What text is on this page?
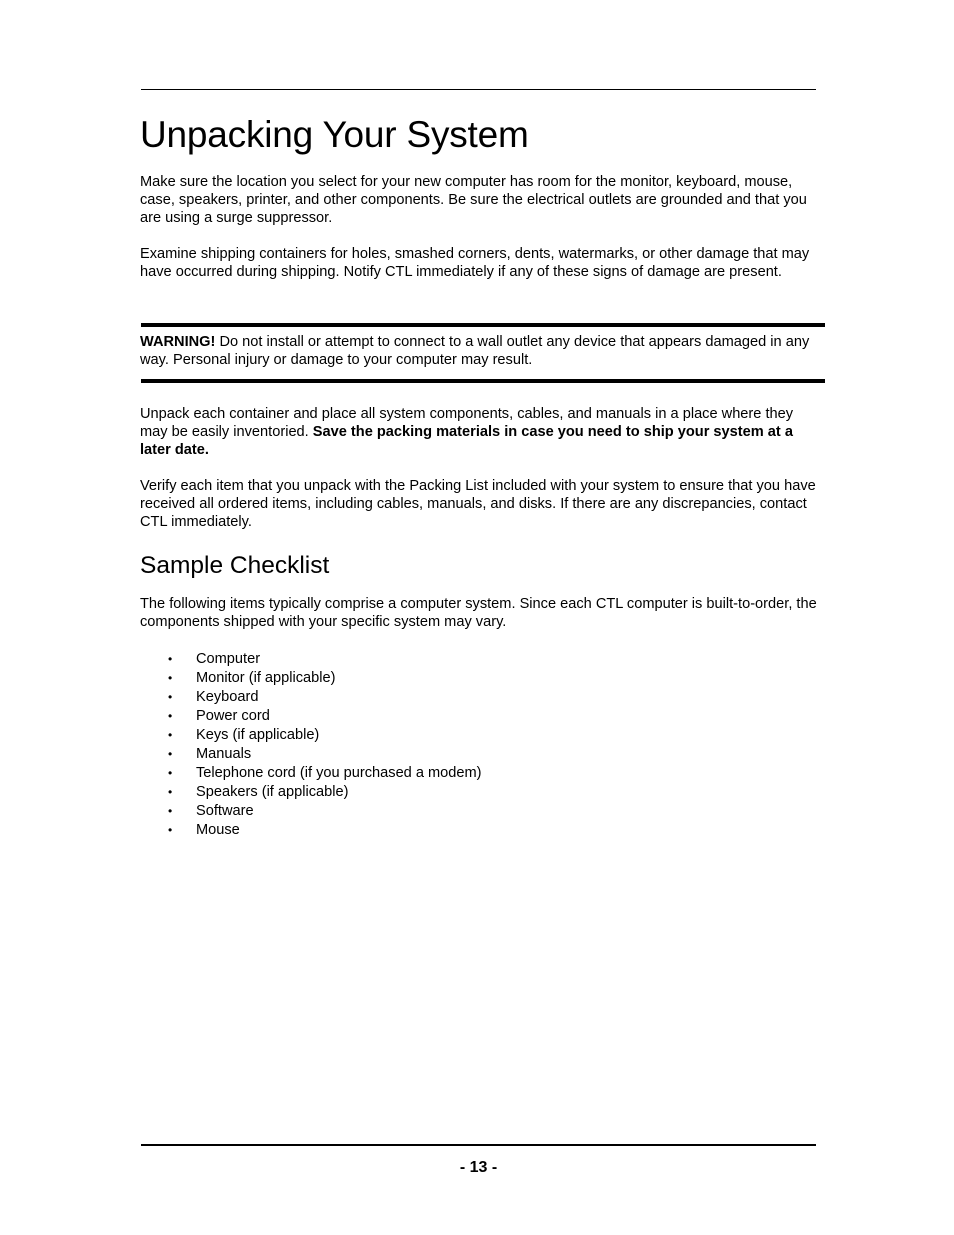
Unpacking Your System

Make sure the location you select for your new computer has room for the monitor, keyboard, mouse, case, speakers, printer, and other components. Be sure the electrical outlets are grounded and that you are using a surge suppressor.

Examine shipping containers for holes, smashed corners, dents, watermarks, or other damage that may have occurred during shipping. Notify CTL immediately if any of these signs of damage are present.

WARNING! Do not install or attempt to connect to a wall outlet any device that appears damaged in any way. Personal injury or damage to your computer may result.

Unpack each container and place all system components, cables, and manuals in a place where they may be easily inventoried. Save the packing materials in case you need to ship your system at a later date.

Verify each item that you unpack with the Packing List included with your system to ensure that you have received all ordered items, including cables, manuals, and disks. If there are any discrepancies, contact CTL immediately.

Sample Checklist

The following items typically comprise a computer system. Since each CTL computer is built-to-order, the components shipped with your specific system may vary.

• Computer
• Monitor (if applicable)
• Keyboard
• Power cord
• Keys (if applicable)
• Manuals
• Telephone cord (if you purchased a modem)
• Speakers (if applicable)
• Software
• Mouse
- 13 -
